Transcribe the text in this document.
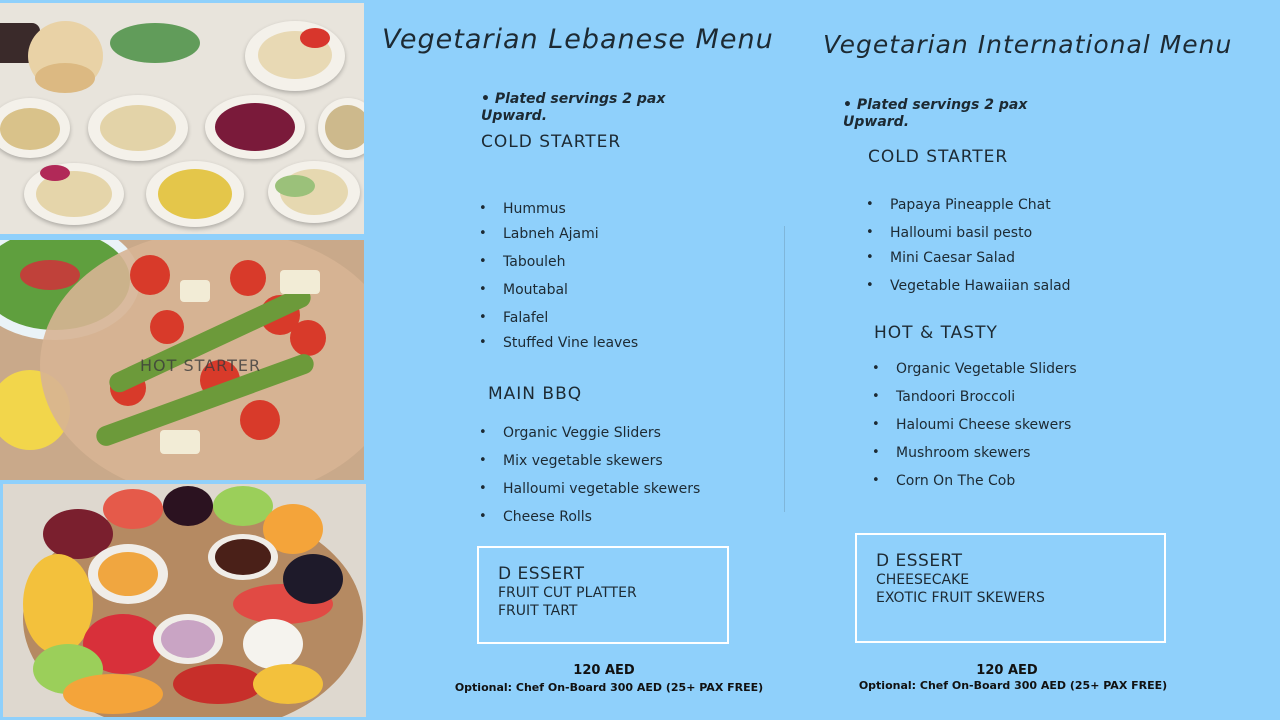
HOT STARTER
Vegetarian Lebanese Menu
• Plated servings 2 pax
Upward.
COLD STARTER
• Hummus
• Labneh Ajami
• Tabouleh
• Moutabal
• Falafel
• Stuffed Vine leaves
MAIN BBQ
• Organic Veggie Sliders
• Mix vegetable skewers
• Halloumi vegetable skewers
• Cheese Rolls
D ESSERT
FRUIT CUT PLATTER
FRUIT TART
120 AED
Optional: Chef On-Board 300 AED (25+ PAX FREE)
Vegetarian International Menu
• Plated servings 2 pax
Upward.
COLD STARTER
• Papaya Pineapple Chat
• Halloumi basil pesto
• Mini Caesar Salad
• Vegetable Hawaiian salad
HOT & TASTY
• Organic Vegetable Sliders
• Tandoori Broccoli
• Haloumi Cheese skewers
• Mushroom skewers
• Corn On The Cob
D ESSERT
CHEESECAKE
EXOTIC FRUIT SKEWERS
120 AED
Optional: Chef On-Board 300 AED (25+ PAX FREE)
